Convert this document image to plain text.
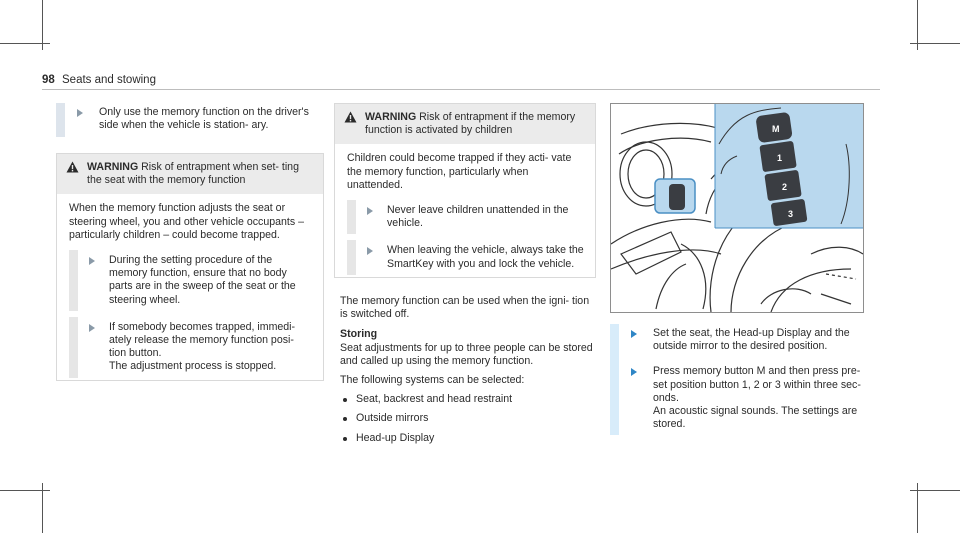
98 Seats and stowing
Only use the memory function on the driver's side when the vehicle is station- ary.
WARNING Risk of entrapment when set- ting the seat with the memory function
When the memory function adjusts the seat or steering wheel, you and other vehicle occupants – particularly children – could become trapped.
During the setting procedure of the memory function, ensure that no body parts are in the sweep of the seat or the steering wheel.
If somebody becomes trapped, immedi- ately release the memory function posi- tion button.
The adjustment process is stopped.
WARNING Risk of entrapment if the memory function is activated by children
Children could become trapped if they acti- vate the memory function, particularly when unattended.
Never leave children unattended in the vehicle.
When leaving the vehicle, always take the SmartKey with you and lock the vehicle.
The memory function can be used when the igni- tion is switched off.
Storing
Seat adjustments for up to three people can be stored and called up using the memory function.
The following systems can be selected:
Seat, backrest and head restraint
Outside mirrors
Head-up Display
M
1
2
3
Set the seat, the Head-up Display and the outside mirror to the desired position.
Press memory button M and then press pre- set position button 1, 2 or 3 within three sec- onds.
An acoustic signal sounds. The settings are stored.
